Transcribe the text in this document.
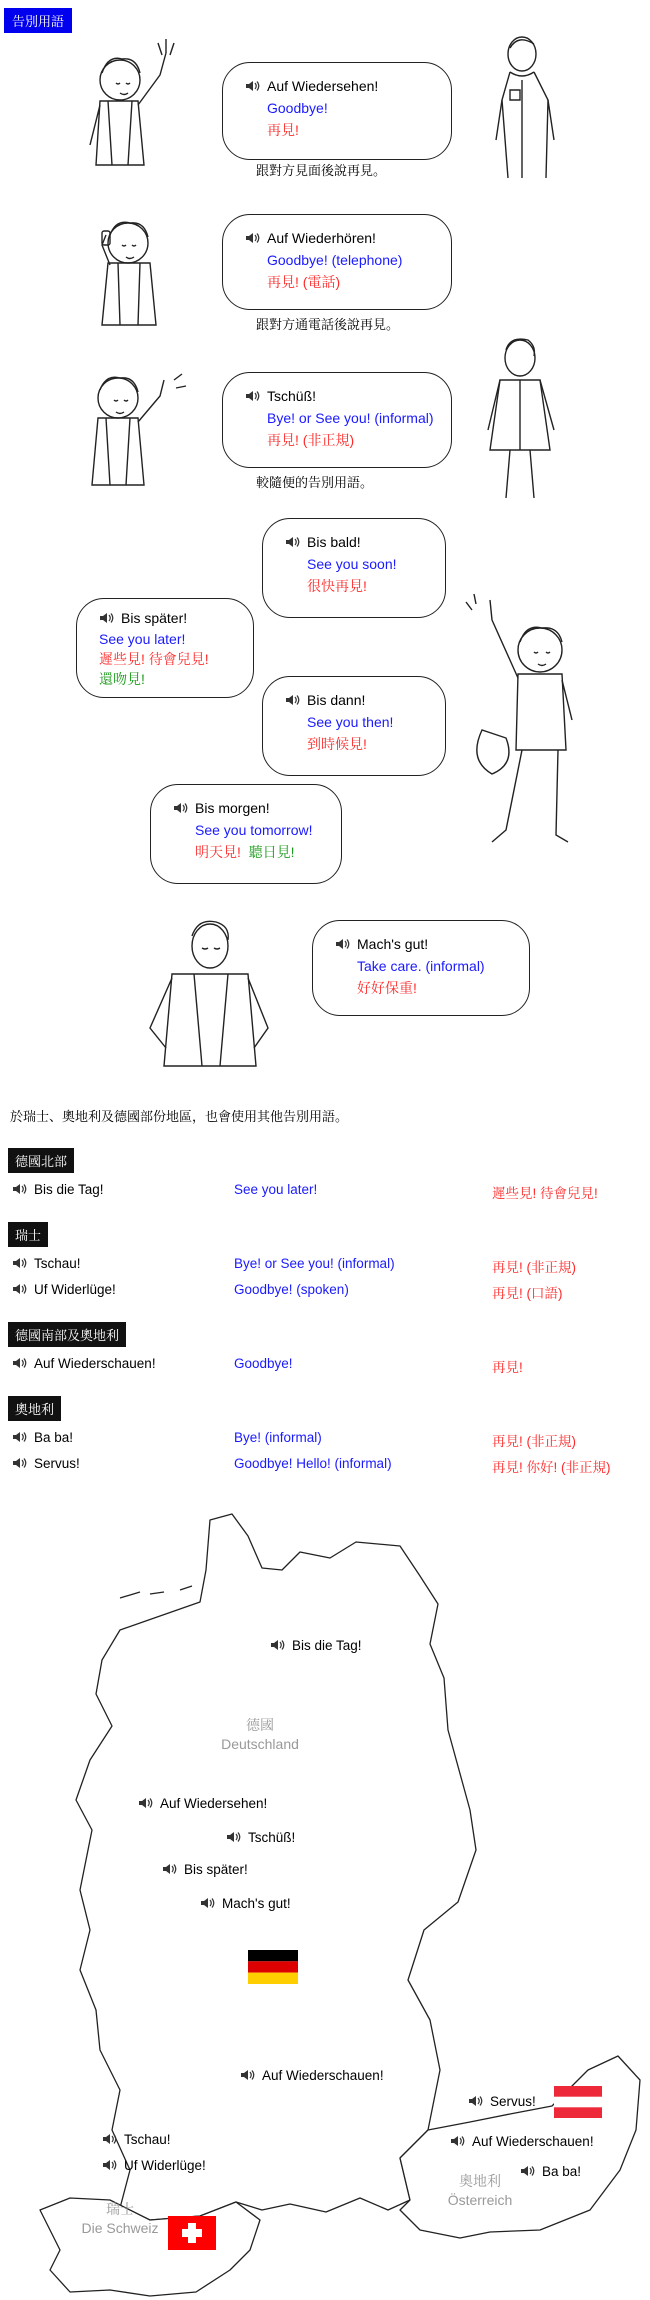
告別用語
Auf Wiedersehen!
Goodbye!
再見!
跟對方見面後說再見。
Auf Wiederhören!
Goodbye! (telephone)
再見! (電話)
跟對方通電話後說再見。
Tschüß!
Bye! or See you! (informal)
再見! (非正規)
較隨便的告別用語。
Bis bald!
See you soon!
很快再見!
Bis später!
See you later!
遲些見! 待會兒見!
還吻見!
Bis dann!
See you then!
到時候見!
Bis morgen!
See you tomorrow!
明天見! 聽日見!
Mach's gut!
Take care. (informal)
好好保重!
於瑞士、奧地利及德國部份地區，也會使用其他告別用語。
德國北部
Bis die Tag!	See you later!	遲些見! 待會兒見!
瑞士
Tschau!	Bye! or See you! (informal)	再見! (非正規)
Uf Widerlüge!	Goodbye! (spoken)	再見! (口語)
德國南部及奧地利
Auf Wiederschauen!	Goodbye!	再見!
奧地利
Ba ba!	Bye! (informal)	再見! (非正規)
Servus!	Goodbye! Hello! (informal)	再見! 你好! (非正規)
德國
Deutschland
奧地利
Österreich
瑞士
Die Schweiz
Bis die Tag!
Auf Wiedersehen!
Tschüß!
Bis später!
Mach's gut!
Auf Wiederschauen!
Servus!
Auf Wiederschauen!
Ba ba!
Tschau!
Uf Widerlüge!
